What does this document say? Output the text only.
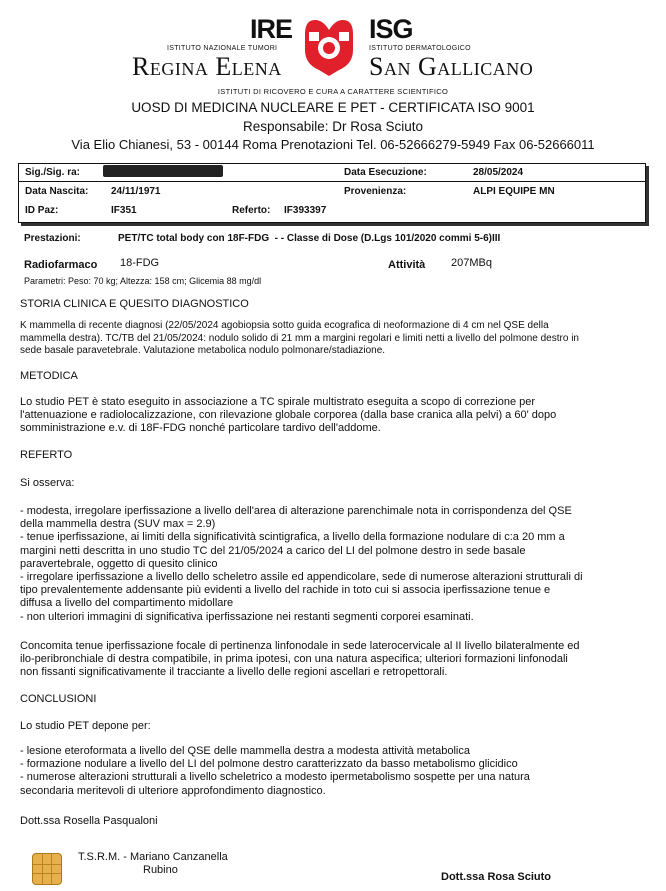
IRE	ISG
ISTITUTO NAZIONALE TUMORI	ISTITUTO DERMATOLOGICO
Regina Elena	San Gallicano
ISTITUTI DI RICOVERO E CURA A CARATTERE SCIENTIFICO
UOSD DI MEDICINA NUCLEARE E PET - CERTIFICATA ISO 9001
Responsabile: Dr Rosa Sciuto
Via Elio Chianesi, 53 - 00144 Roma Prenotazioni Tel. 06-52666279-5949 Fax 06-52666011
Sig./Sig. ra:	Data Esecuzione:	28/05/2024
Data Nascita: 24/11/1971	Provenienza:	ALPI EQUIPE MN
ID Paz:	IF351	Referto: IF393397
Prestazioni:	PET/TC total body con 18F-FDG  - - Classe di Dose (D.Lgs 101/2020 commi 5-6)III
Radiofarmaco 18-FDG	Attività 207MBq
Parametri: Peso: 70 kg; Altezza: 158 cm; Glicemia 88 mg/dl
STORIA CLINICA E QUESITO DIAGNOSTICO
K mammella di recente diagnosi (22/05/2024 agobiopsia sotto guida ecografica di neoformazione di 4 cm nel QSE della
mammella destra). TC/TB del 21/05/2024: nodulo solido di 21 mm a margini regolari e limiti netti a livello del polmone destro in
sede basale paravetebrale. Valutazione metabolica nodulo polmonare/stadiazione.
METODICA
Lo studio PET è stato eseguito in associazione a TC spirale multistrato eseguita a scopo di correzione per
l'attenuazione e radiolocalizzazione, con rilevazione globale corporea (dalla base cranica alla pelvi) a 60' dopo
somministrazione e.v. di 18F-FDG nonché particolare tardivo dell'addome.
REFERTO
Si osserva:
- modesta, irregolare iperfissazione a livello dell'area di alterazione parenchimale nota in corrispondenza del QSE
della mammella destra (SUV max = 2.9)
- tenue iperfissazione, ai limiti della significatività scintigrafica, a livello della formazione nodulare di c:a 20 mm a
margini netti descritta in uno studio TC del 21/05/2024 a carico del LI del polmone destro in sede basale
paravertebrale, oggetto di quesito clinico
- irregolare iperfissazione a livello dello scheletro assile ed appendicolare, sede di numerose alterazioni strutturali di
tipo prevalentemente addensante più evidenti a livello del rachide in toto cui si associa iperfissazione tenue e
diffusa a livello del compartimento midollare
- non ulteriori immagini di significativa iperfissazione nei restanti segmenti corporei esaminati.
Concomita tenue iperfissazione focale di pertinenza linfonodale in sede laterocervicale al II livello bilateralmente ed
ilo-peribronchiale di destra compatibile, in prima ipotesi, con una natura aspecifica; ulteriori formazioni linfonodali
non fissanti significativamente il tracciante a livello delle regioni ascellari e retropettorali.
CONCLUSIONI
Lo studio PET depone per:
- lesione eteroformata a livello del QSE delle mammella destra a modesta attività metabolica
- formazione nodulare a livello del LI del polmone destro caratterizzato da basso metabolismo glicidico
- numerose alterazioni strutturali a livello scheletrico a modesto ipermetabolismo sospette per una natura
secondaria meritevoli di ulteriore approfondimento diagnostico.
Dott.ssa Rosella Pasqualoni
T.S.R.M. - Mariano Canzanella
Rubino
Dott.ssa Rosa Sciuto
